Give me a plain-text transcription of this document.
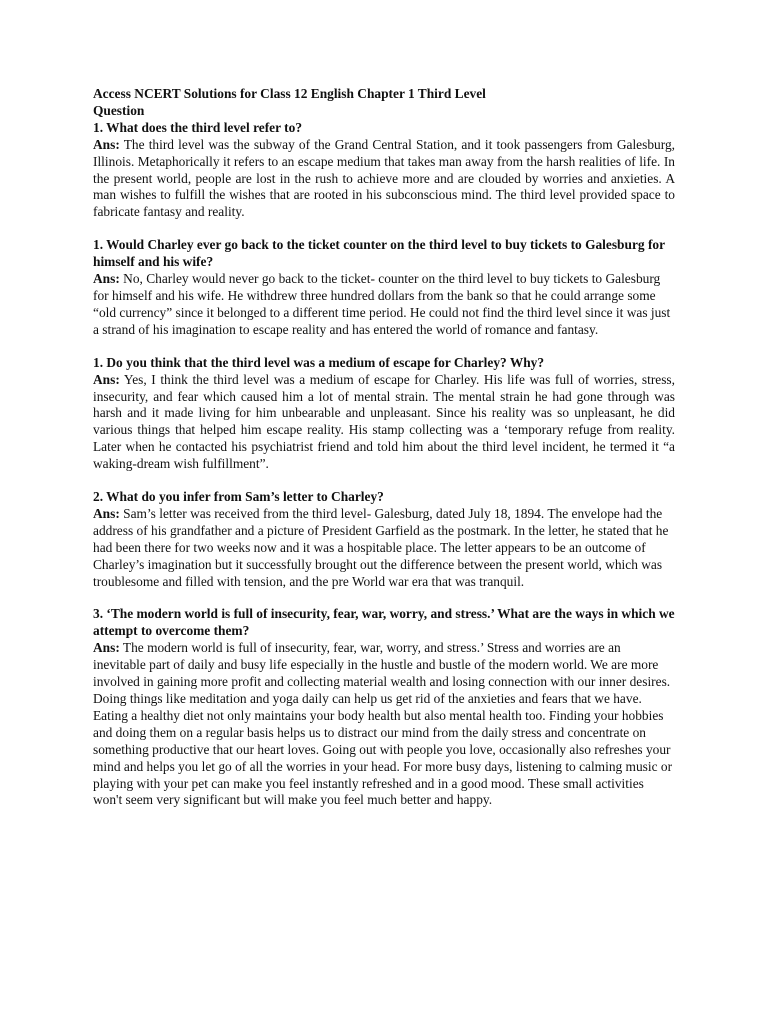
Access NCERT Solutions for Class 12 English Chapter 1 Third Level

Question

1. What does the third level refer to?

Ans: The third level was the subway of the Grand Central Station, and it took passengers from Galesburg, Illinois. Metaphorically it refers to an escape medium that takes man away from the harsh realities of life. In the present world, people are lost in the rush to achieve more and are clouded by worries and anxieties. A man wishes to fulfill the wishes that are rooted in his subconscious mind. The third level provided space to fabricate fantasy and reality.

1. Would Charley ever go back to the ticket counter on the third level to buy tickets to Galesburg for himself and his wife?

Ans: No, Charley would never go back to the ticket- counter on the third level to buy tickets to Galesburg for himself and his wife. He withdrew three hundred dollars from the bank so that he could arrange some “old currency” since it belonged to a different time period. He could not find the third level since it was just a strand of his imagination to escape reality and has entered the world of romance and fantasy.

1. Do you think that the third level was a medium of escape for Charley? Why?

Ans: Yes, I think the third level was a medium of escape for Charley. His life was full of worries, stress, insecurity, and fear which caused him a lot of mental strain. The mental strain he had gone through was harsh and it made living for him unbearable and unpleasant. Since his reality was so unpleasant, he did various things that helped him escape reality. His stamp collecting was a ‘temporary refuge from reality. Later when he contacted his psychiatrist friend and told him about the third level incident, he termed it “a waking-dream wish fulfillment”.

2. What do you infer from Sam’s letter to Charley?

Ans: Sam’s letter was received from the third level- Galesburg, dated July 18, 1894. The envelope had the address of his grandfather and a picture of President Garfield as the postmark. In the letter, he stated that he had been there for two weeks now and it was a hospitable place. The letter appears to be an outcome of Charley’s imagination but it successfully brought out the difference between the present world, which was troublesome and filled with tension, and the pre World war era that was tranquil.

3. ‘The modern world is full of insecurity, fear, war, worry, and stress.’ What are the ways in which we attempt to overcome them?

Ans: The modern world is full of insecurity, fear, war, worry, and stress.’ Stress and worries are an inevitable part of daily and busy life especially in the hustle and bustle of the modern world. We are more involved in gaining more profit and collecting material wealth and losing connection with our inner desires. Doing things like meditation and yoga daily can help us get rid of the anxieties and fears that we have. Eating a healthy diet not only maintains your body health but also mental health too. Finding your hobbies and doing them on a regular basis helps us to distract our mind from the daily stress and concentrate on something productive that our heart loves. Going out with people you love, occasionally also refreshes your mind and helps you let go of all the worries in your head. For more busy days, listening to calming music or playing with your pet can make you feel instantly refreshed and in a good mood. These small activities won't seem very significant but will make you feel much better and happy.
